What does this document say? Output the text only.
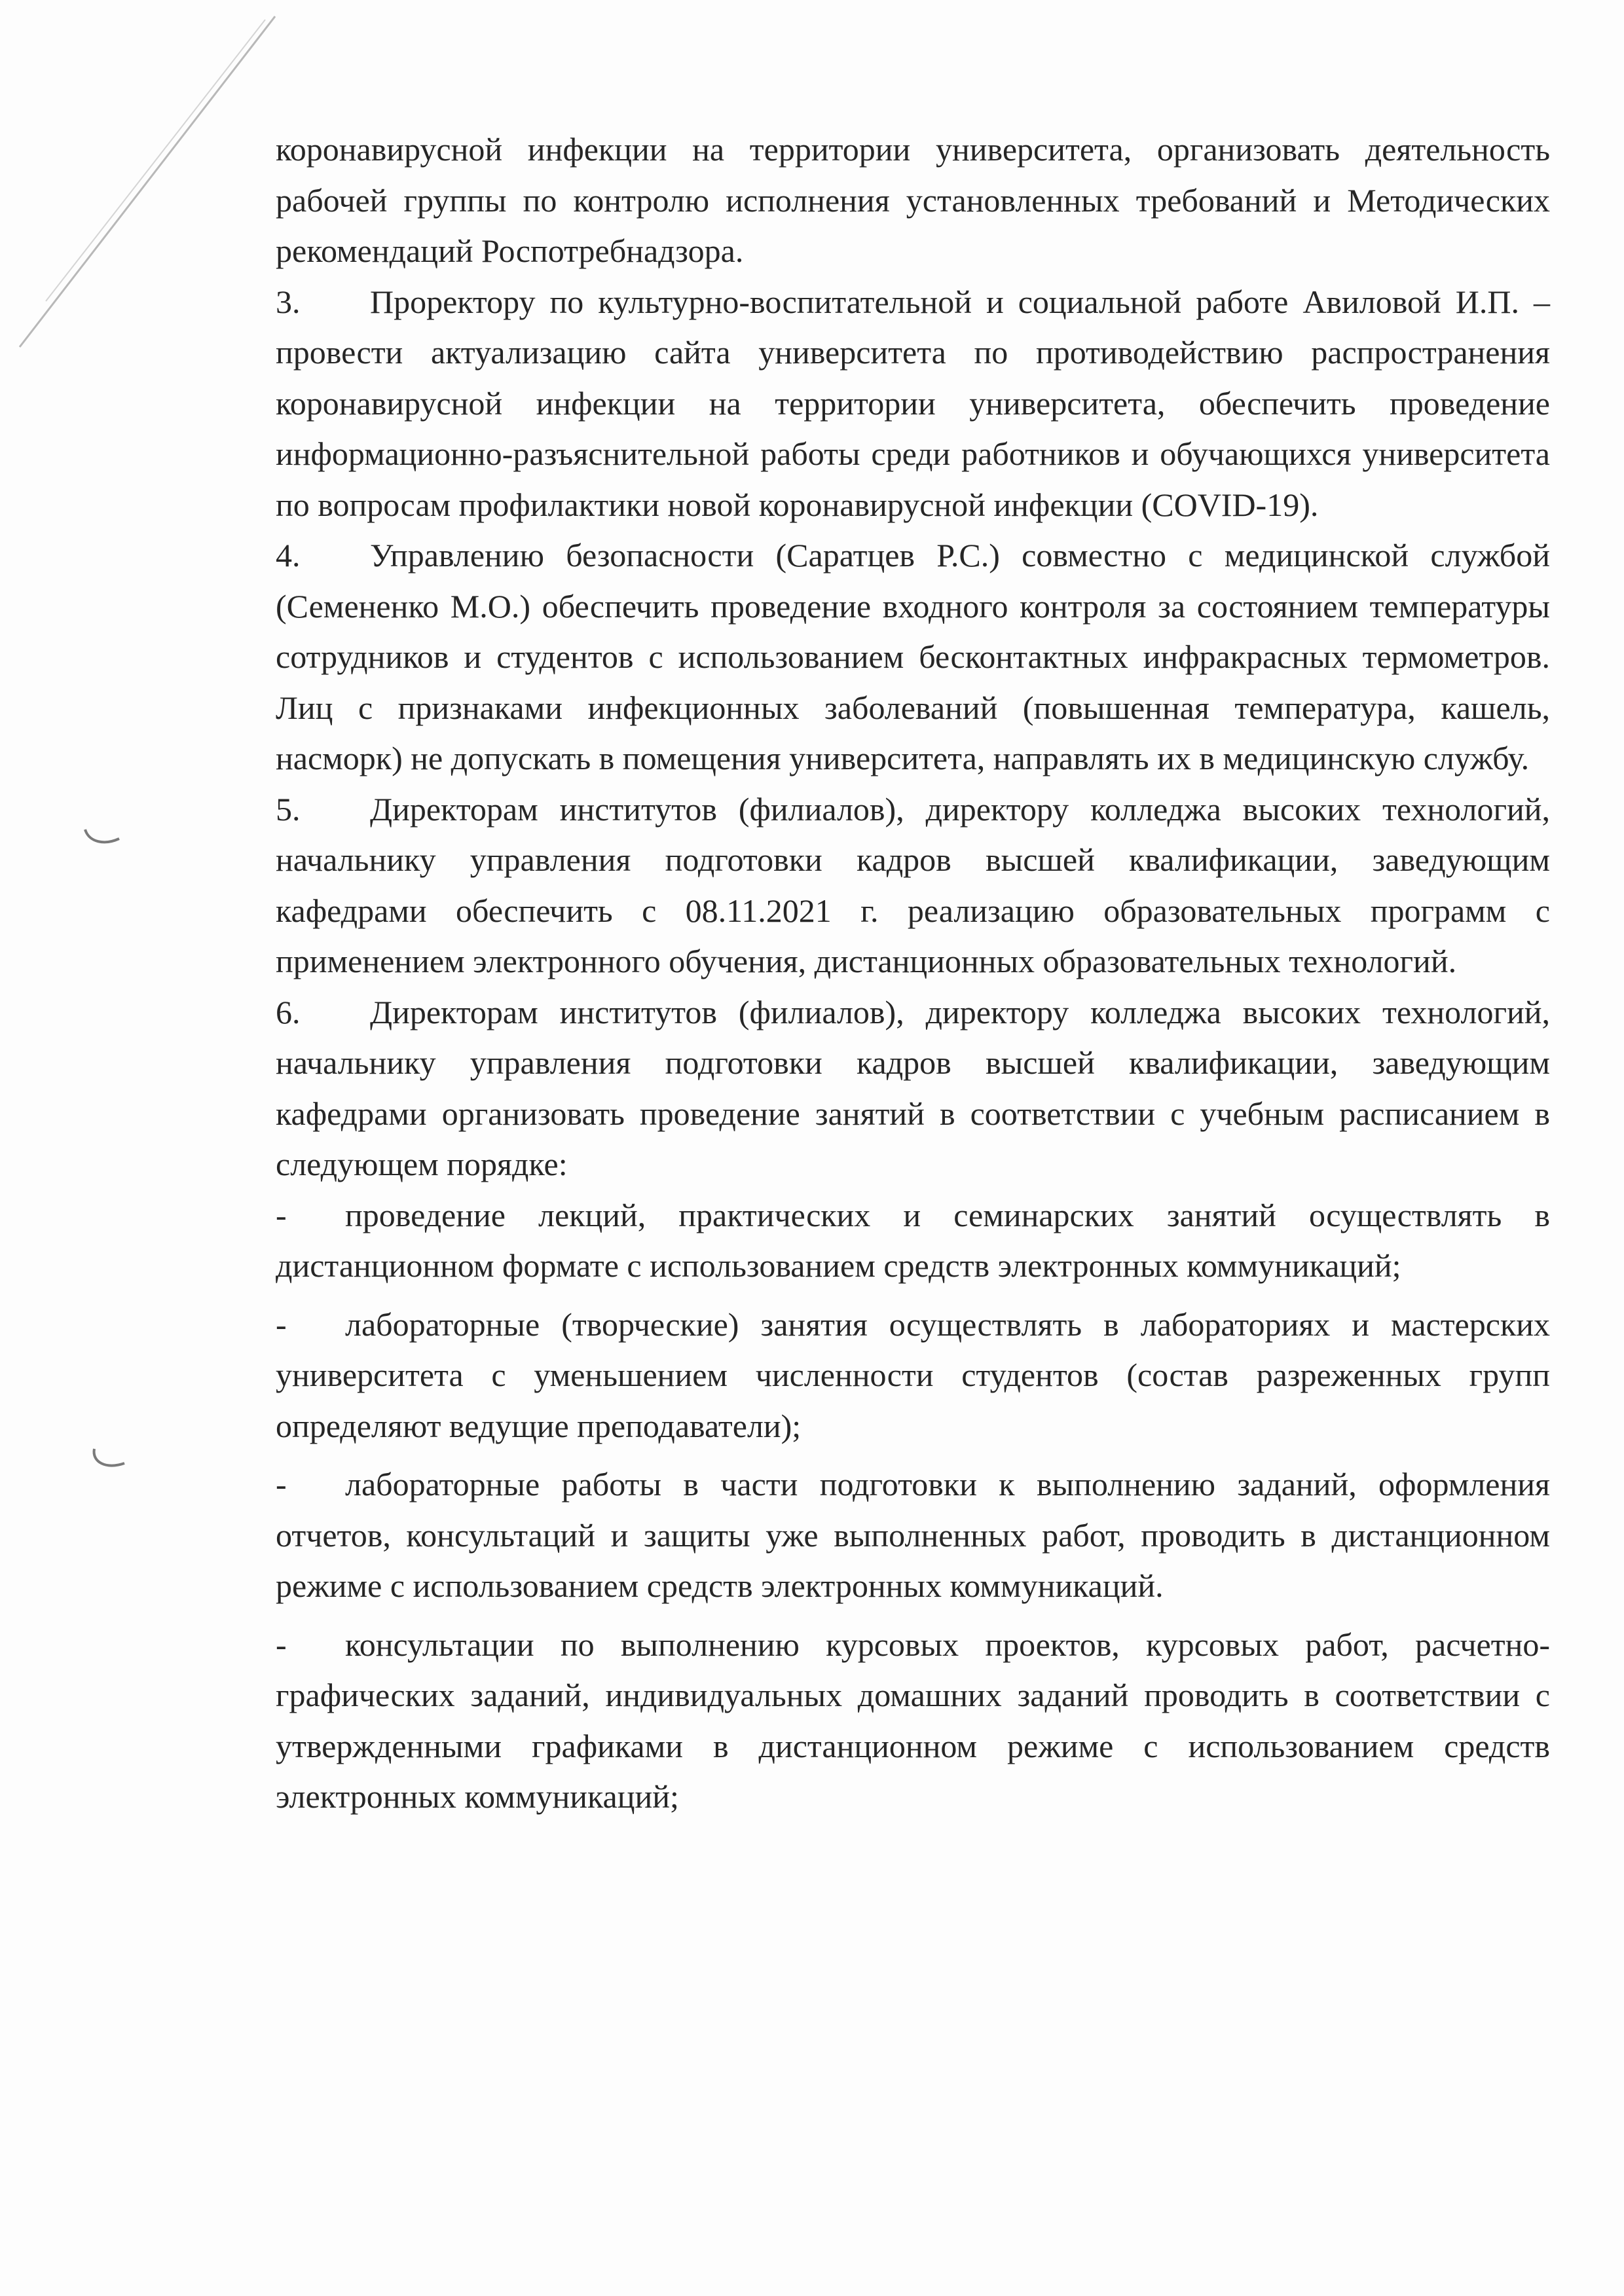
коронавирусной инфекции на территории университета, организовать деятельность рабочей группы по контролю исполнения установленных требований и Методических рекомендаций Роспотребнадзора.

3. Проректору по культурно-воспитательной и социальной работе Авиловой И.П. – провести актуализацию сайта университета по противодействию распространения коронавирусной инфекции на территории университета, обеспечить проведение информационно-разъяснительной работы среди работников и обучающихся университета по вопросам профилактики новой коронавирусной инфекции (COVID-19).

4. Управлению безопасности (Саратцев Р.С.) совместно с медицинской службой (Семененко М.О.) обеспечить проведение входного контроля за состоянием температуры сотрудников и студентов с использованием бесконтактных инфракрасных термометров. Лиц с признаками инфекционных заболеваний (повышенная температура, кашель, насморк) не допускать в помещения университета, направлять их в медицинскую службу.

5. Директорам институтов (филиалов), директору колледжа высоких технологий, начальнику управления подготовки кадров высшей квалификации, заведующим кафедрами обеспечить с 08.11.2021 г. реализацию образовательных программ с применением электронного обучения, дистанционных образовательных технологий.

6. Директорам институтов (филиалов), директору колледжа высоких технологий, начальнику управления подготовки кадров высшей квалификации, заведующим кафедрами организовать проведение занятий в соответствии с учебным расписанием в следующем порядке:

- проведение лекций, практических и семинарских занятий осуществлять в дистанционном формате с использованием средств электронных коммуникаций;

- лабораторные (творческие) занятия осуществлять в лабораториях и мастерских университета с уменьшением численности студентов (состав разреженных групп определяют ведущие преподаватели);

- лабораторные работы в части подготовки к выполнению заданий, оформления отчетов, консультаций и защиты уже выполненных работ, проводить в дистанционном режиме с использованием средств электронных коммуникаций.

- консультации по выполнению курсовых проектов, курсовых работ, расчетно-графических заданий, индивидуальных домашних заданий проводить в соответствии с утвержденными графиками в дистанционном режиме с использованием средств электронных коммуникаций;
